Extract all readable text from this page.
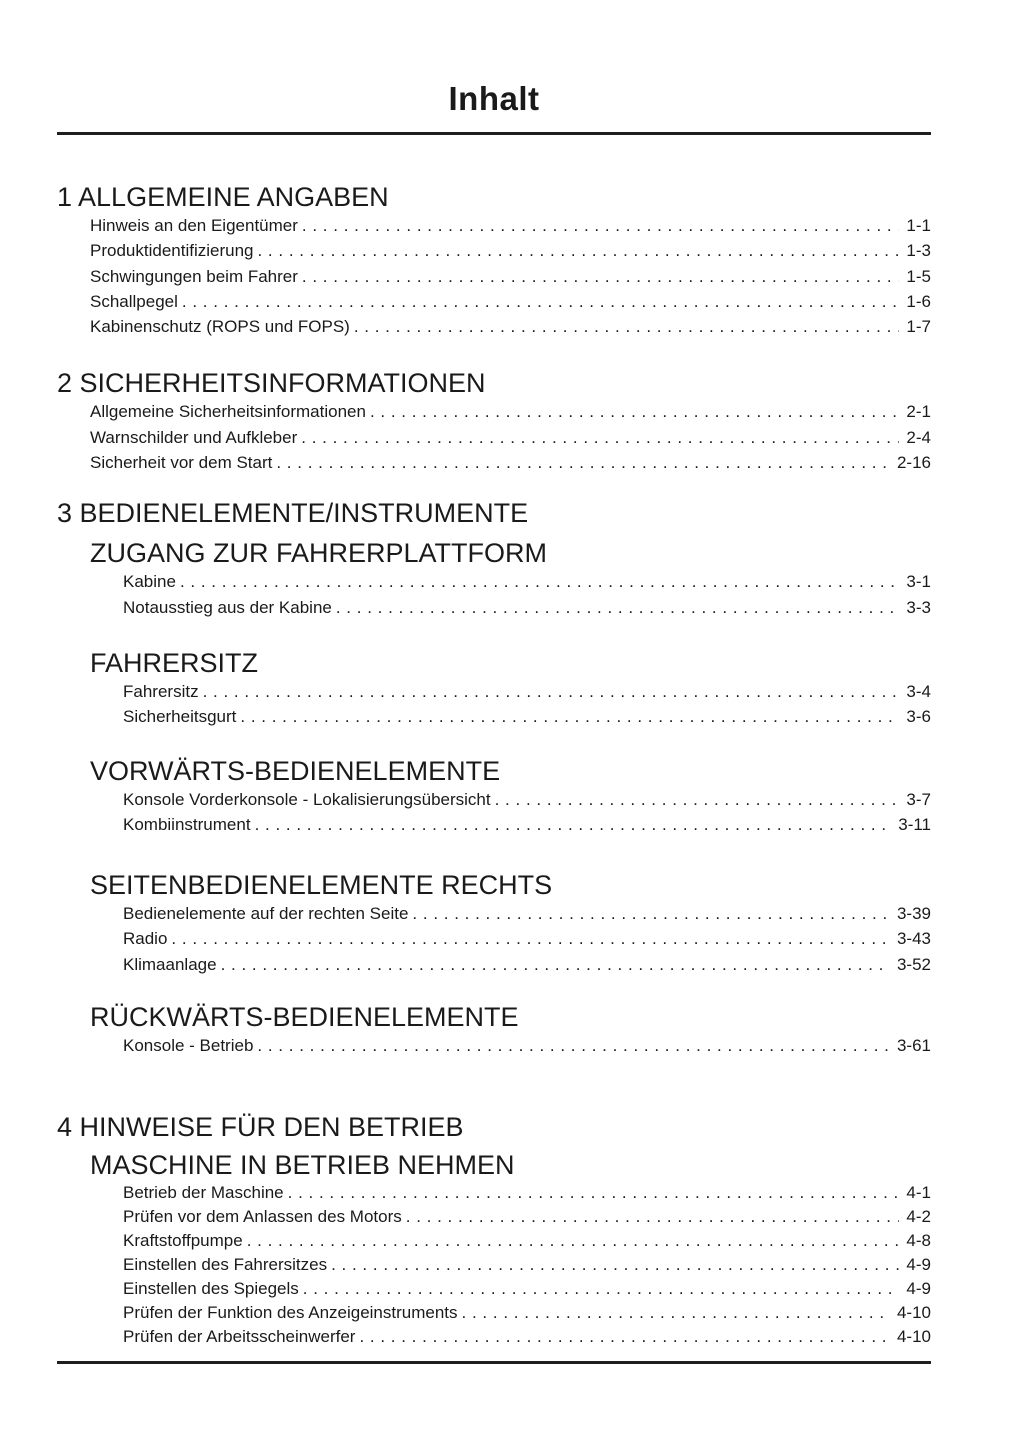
Inhalt
1 ALLGEMEINE ANGABEN
Hinweis an den Eigentümer . . .	1-1
Produktidentifizierung . . .	1-3
Schwingungen beim Fahrer . . .	1-5
Schallpegel . . .	1-6
Kabinenschutz (ROPS und FOPS) . . .	1-7
2 SICHERHEITSINFORMATIONEN
Allgemeine Sicherheitsinformationen . . .	2-1
Warnschilder und Aufkleber . . .	2-4
Sicherheit vor dem Start . . .	2-16
3 BEDIENELEMENTE/INSTRUMENTE
ZUGANG ZUR FAHRERPLATTFORM
Kabine . . .	3-1
Notausstieg aus der Kabine . . .	3-3
FAHRERSITZ
Fahrersitz . . .	3-4
Sicherheitsgurt . . .	3-6
VORWÄRTS-BEDIENELEMENTE
Konsole Vorderkonsole - Lokalisierungsübersicht . . .	3-7
Kombiinstrument . . .	3-11
SEITENBEDIENELEMENTE RECHTS
Bedienelemente auf der rechten Seite . . .	3-39
Radio . . .	3-43
Klimaanlage . . .	3-52
RÜCKWÄRTS-BEDIENELEMENTE
Konsole - Betrieb . . .	3-61
4 HINWEISE FÜR DEN BETRIEB
MASCHINE IN BETRIEB NEHMEN
Betrieb der Maschine . . .	4-1
Prüfen vor dem Anlassen des Motors . . .	4-2
Kraftstoffpumpe . . .	4-8
Einstellen des Fahrersitzes . . .	4-9
Einstellen des Spiegels . . .	4-9
Prüfen der Funktion des Anzeigeinstruments . . .	4-10
Prüfen der Arbeitsscheinwerfer . . .	4-10
